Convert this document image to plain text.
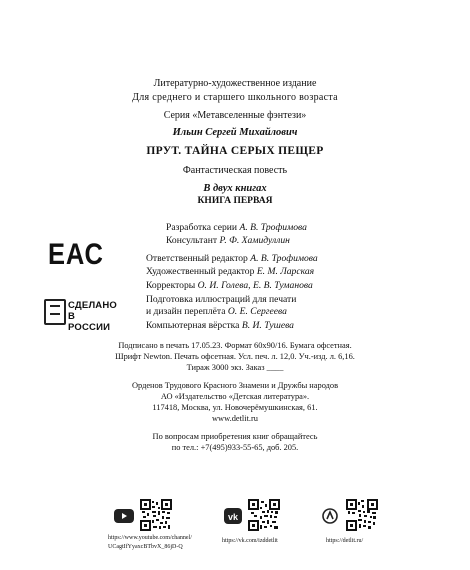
Литературно-художественное издание
Для среднего и старшего школьного возраста
Серия «Метавселенные фэнтези»
Ильин Сергей Михайлович
ПРУТ. ТАЙНА СЕРЫХ ПЕЩЕР
Фантастическая повесть
В двух книгах
КНИГА ПЕРВАЯ
ЕАС
СДЕЛАНО
В РОССИИ
Разработка серии А. В. Трофимова
Консультант Р. Ф. Хамидуллин
Ответственный редактор А. В. Трофимова
Художественный редактор Е. М. Ларская
Корректоры О. И. Голева, Е. В. Туманова
Подготовка иллюстраций для печати
и дизайн переплёта О. Е. Сергеева
Компьютерная вёрстка В. И. Тушева
Подписано в печать 17.05.23. Формат 60х90/16. Бумага офсетная.
Шрифт Newton. Печать офсетная. Усл. печ. л. 12,0. Уч.-изд. л. 6,16.
Тираж 3000 экз. Заказ ____
Орденов Трудового Красного Знамени и Дружбы народов
АО «Издательство «Детская литература».
117418, Москва, ул. Новочерёмушкинская, 61.
www.detlit.ru
По вопросам приобретения книг обращайтесь
по тел.: +7(495)933-55-65, доб. 205.
https://www.youtube.com/channel/
UCagtIfYyaxcBTbvX_86jD-Q
vk
https://vk.com/izddetlit	https://detlit.ru/
